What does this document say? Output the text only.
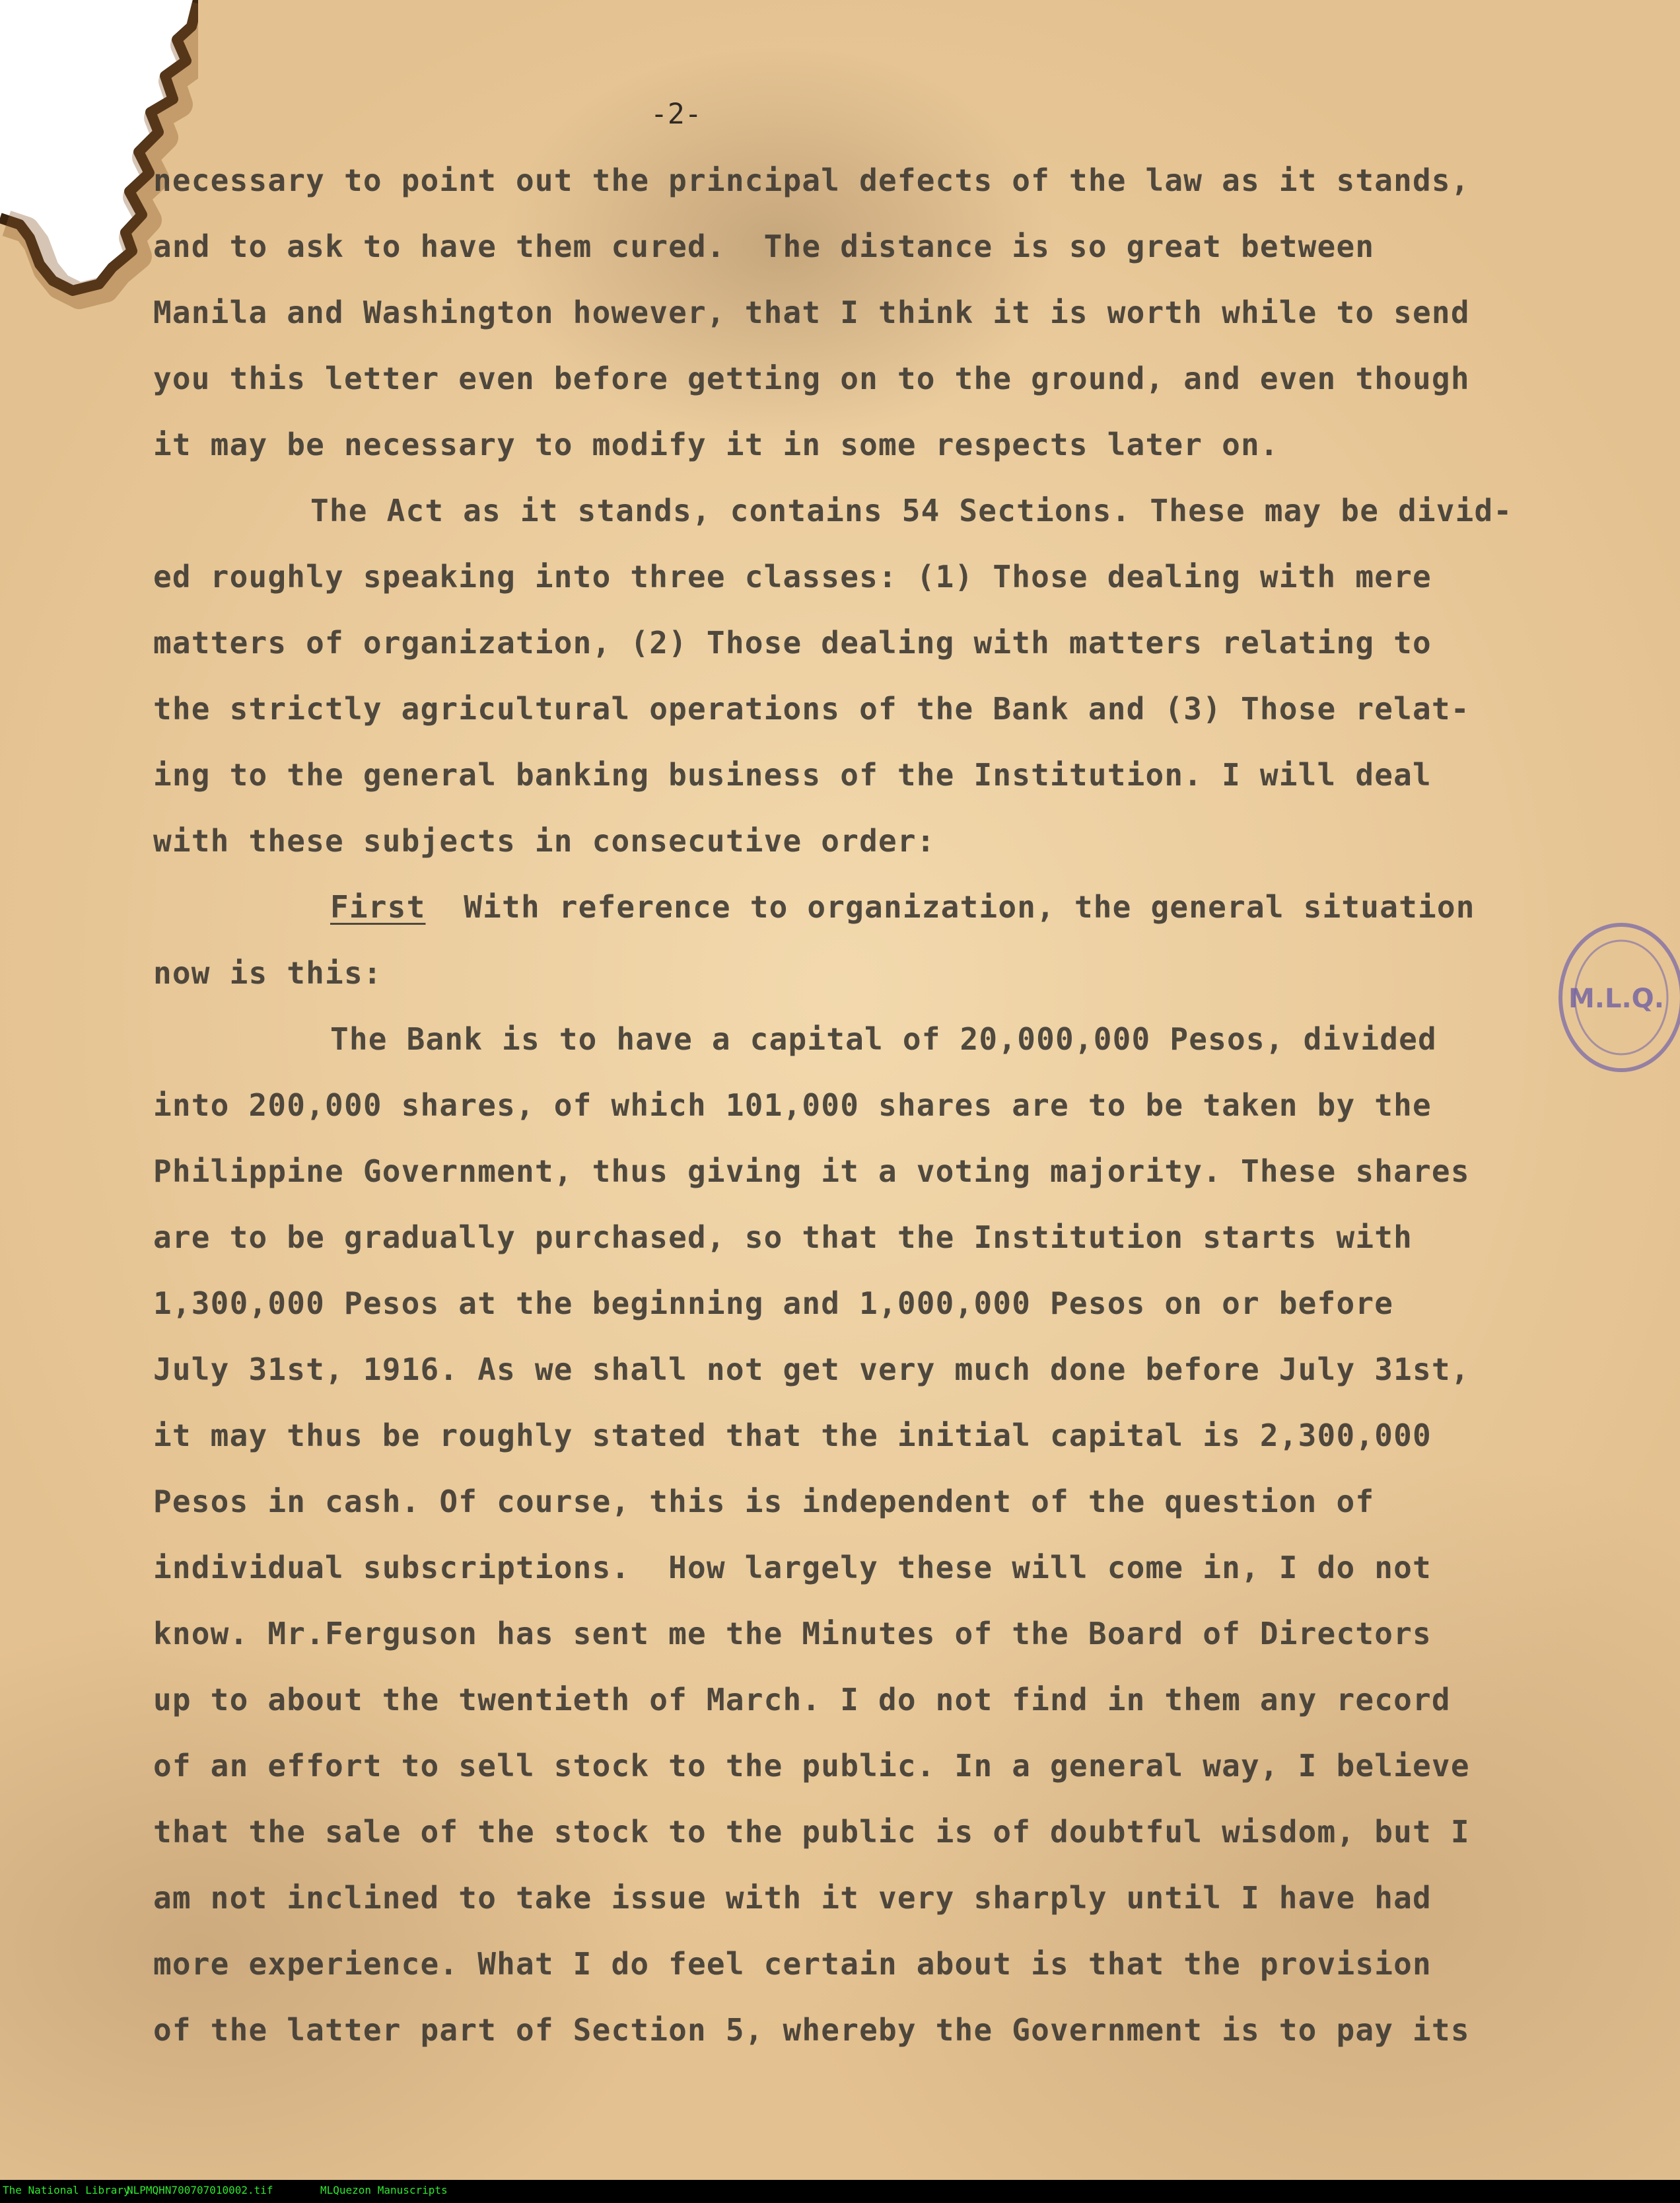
-2-
necessary to point out the principal defects of the law as it stands,
and to ask to have them cured.  The distance is so great between
Manila and Washington however, that I think it is worth while to send
you this letter even before getting on to the ground, and even though
it may be necessary to modify it in some respects later on.
The Act as it stands, contains 54 Sections. These may be divid-
ed roughly speaking into three classes: (1) Those dealing with mere
matters of organization, (2) Those dealing with matters relating to
the strictly agricultural operations of the Bank and (3) Those relat-
ing to the general banking business of the Institution. I will deal
with these subjects in consecutive order:
First  With reference to organization, the general situation
now is this:
The Bank is to have a capital of 20,000,000 Pesos, divided
into 200,000 shares, of which 101,000 shares are to be taken by the
Philippine Government, thus giving it a voting majority. These shares
are to be gradually purchased, so that the Institution starts with
1,300,000 Pesos at the beginning and 1,000,000 Pesos on or before
July 31st, 1916. As we shall not get very much done before July 31st,
it may thus be roughly stated that the initial capital is 2,300,000
Pesos in cash. Of course, this is independent of the question of
individual subscriptions.  How largely these will come in, I do not
know. Mr.Ferguson has sent me the Minutes of the Board of Directors
up to about the twentieth of March. I do not find in them any record
of an effort to sell stock to the public. In a general way, I believe
that the sale of the stock to the public is of doubtful wisdom, but I
am not inclined to take issue with it very sharply until I have had
more experience. What I do feel certain about is that the provision
of the latter part of Section 5, whereby the Government is to pay its
M.L.Q.
The National Library
NLPMQHN700707010002.tif	MLQuezon Manuscripts
